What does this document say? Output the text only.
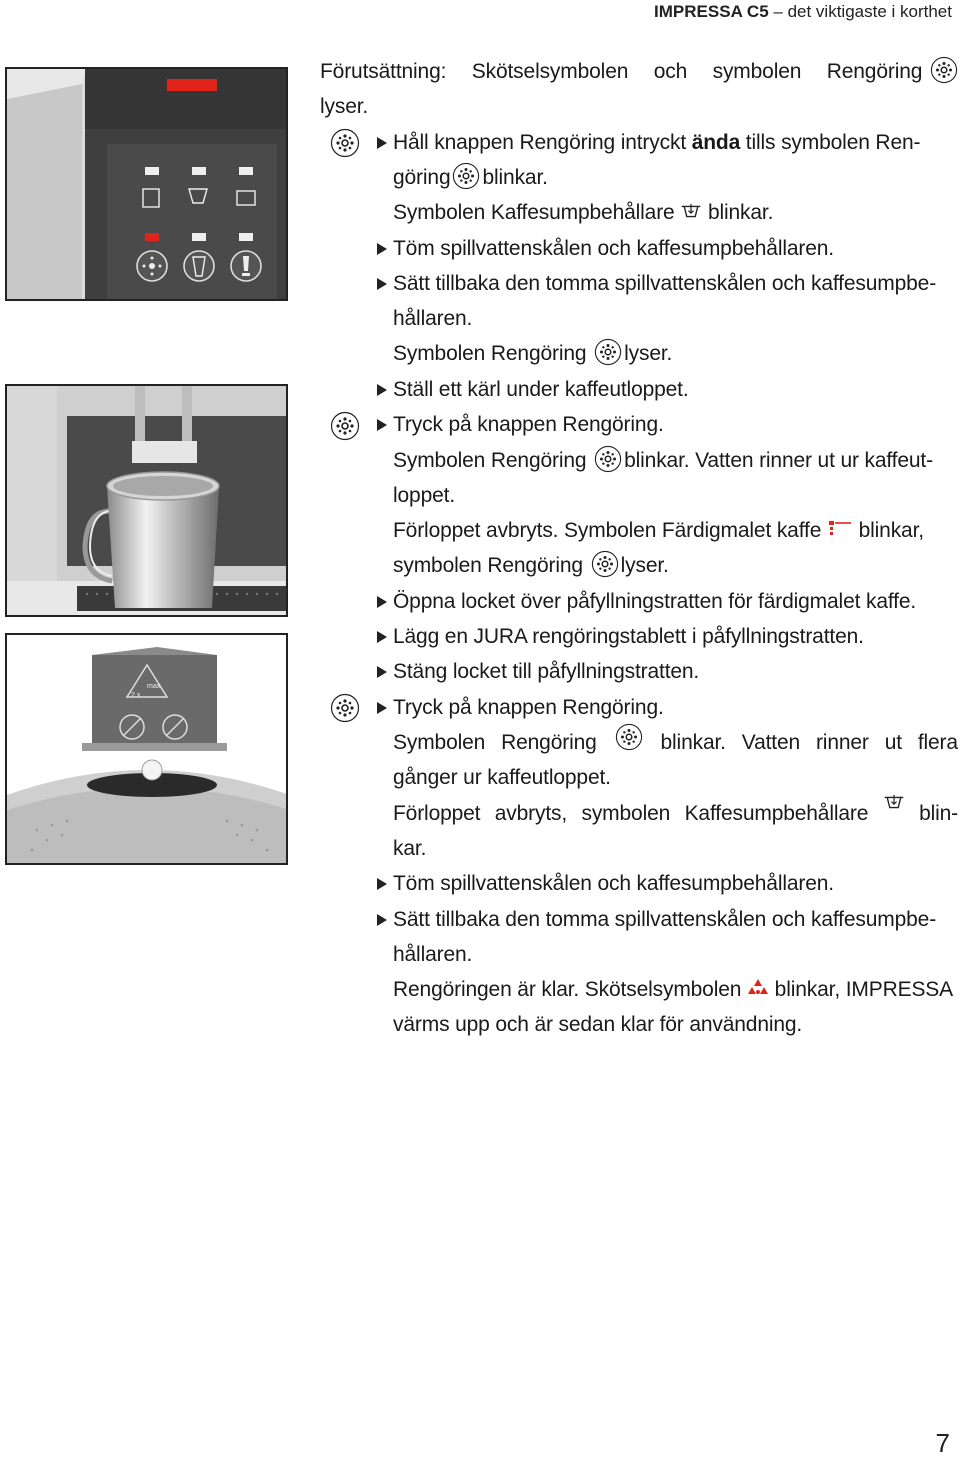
IMPRESSA C5 – det viktigaste i korthet
max.
2 x
Förutsättning: Skötselsymbolen och symbolen Rengöring
lyser.
Håll knappen Rengöring intryckt ända tills symbolen Ren-
göring blinkar.
Symbolen Kaffesumpbehållare blinkar.
Töm spillvattenskålen och kaffesumpbehållaren.
Sätt tillbaka den tomma spillvattenskålen och kaffesumpbe-
hållaren.
Symbolen Rengöring lyser.
Ställ ett kärl under kaffeutloppet.
Tryck på knappen Rengöring.
Symbolen Rengöring blinkar. Vatten rinner ut ur kaffeut-
loppet.
Förloppet avbryts. Symbolen Färdigmalet kaffe blinkar,
symbolen Rengöring lyser.
Öppna locket över påfyllningstratten för färdigmalet kaffe.
Lägg en JURA rengöringstablett i påfyllningstratten.
Stäng locket till påfyllningstratten.
Tryck på knappen Rengöring.
Symbolen Rengöring	blinkar. Vatten rinner ut flera
gånger ur kaffeutloppet.
Förloppet avbryts, symbolen Kaffesumpbehållare blin-
kar.
Töm spillvattenskålen och kaffesumpbehållaren.
Sätt tillbaka den tomma spillvattenskålen och kaffesumpbe-
hållaren.
Rengöringen är klar. Skötselsymbolen blinkar, IMPRESSA
värms upp och är sedan klar för användning.
7
